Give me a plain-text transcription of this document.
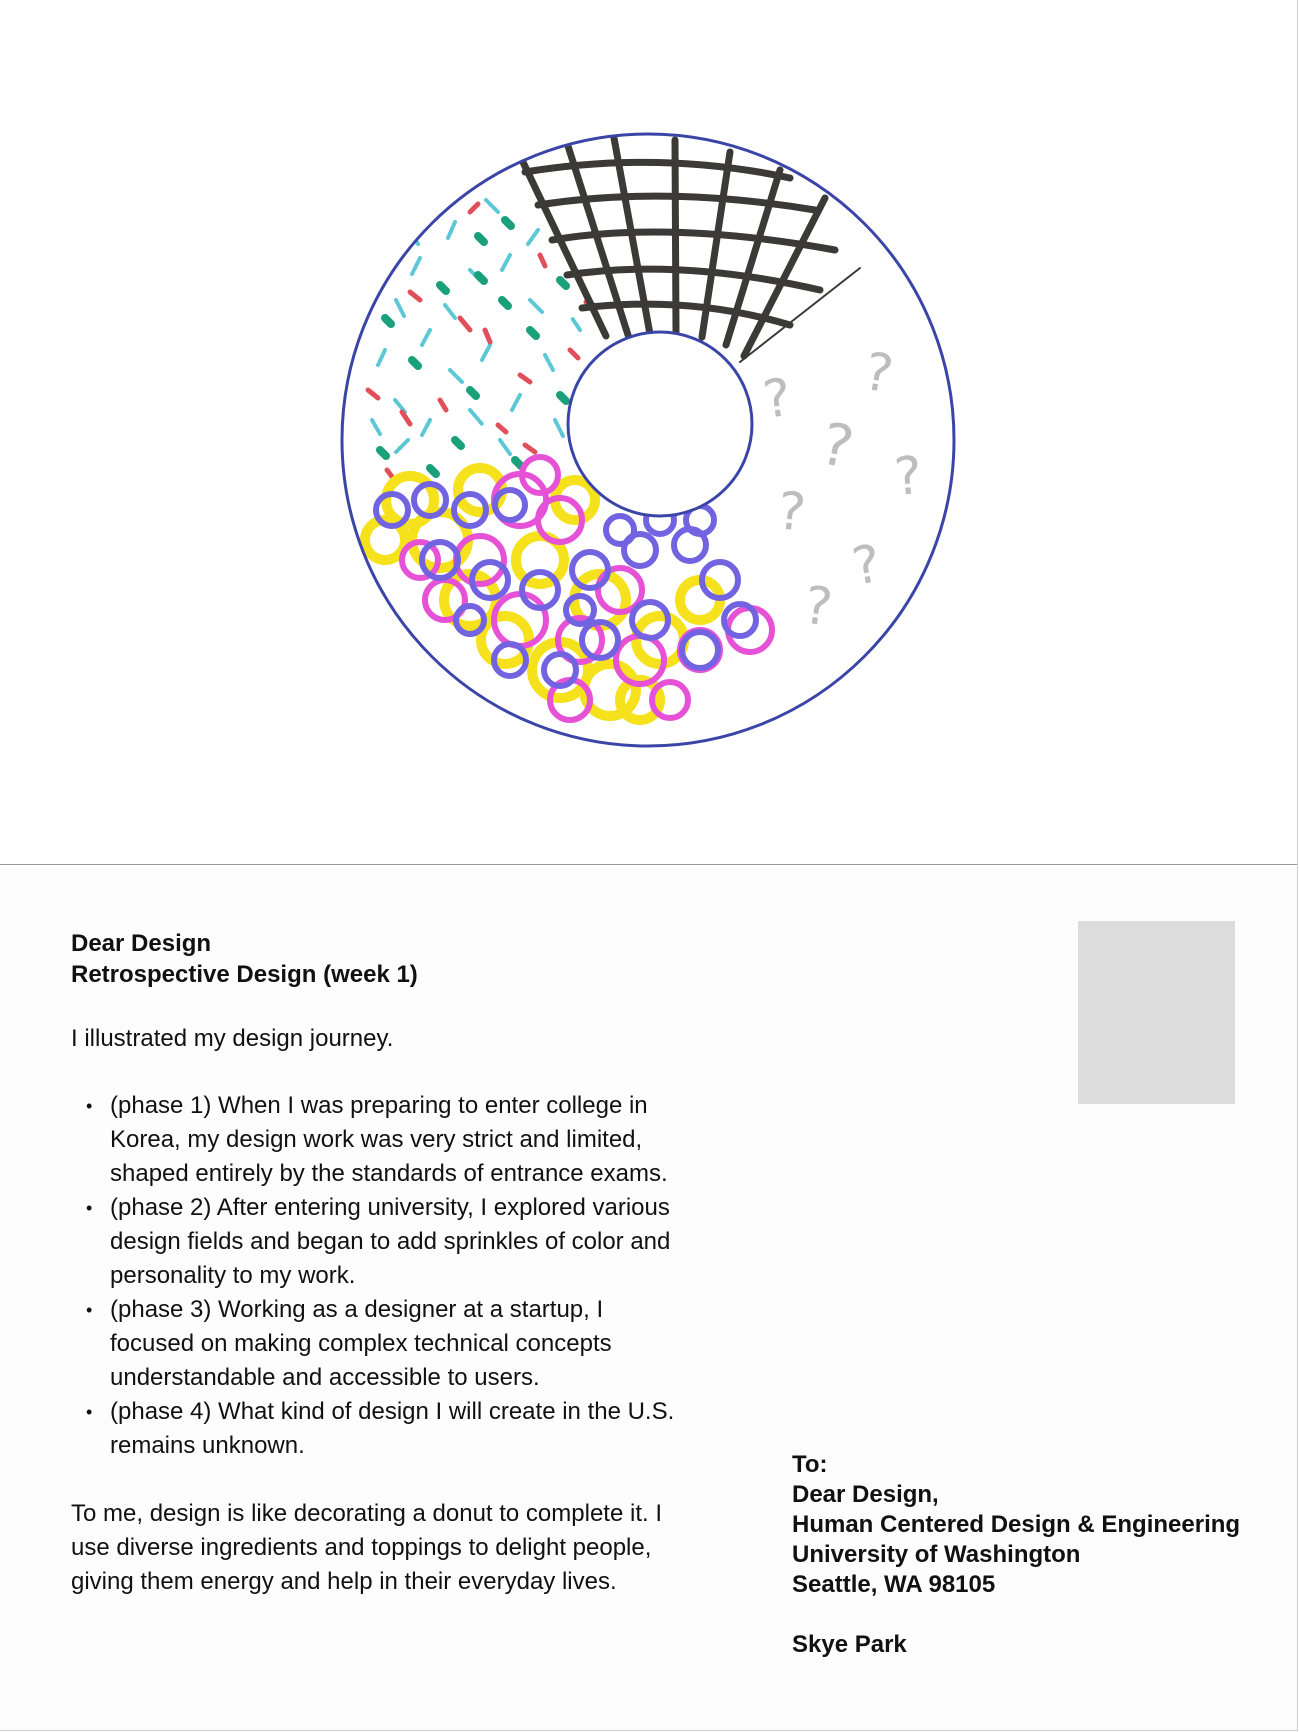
?
?
? ?
?
?
?

Dear Design
Retrospective Design (week 1)

I illustrated my design journey.

• (phase 1) When I was preparing to enter college in Korea, my design work was very strict and limited, shaped entirely by the standards of entrance exams.
• (phase 2) After entering university, I explored various design fields and began to add sprinkles of color and personality to my work.
• (phase 3) Working as a designer at a startup, I focused on making complex technical concepts understandable and accessible to users.
• (phase 4) What kind of design I will create in the U.S. remains unknown.

To me, design is like decorating a donut to complete it. I use diverse ingredients and toppings to delight people, giving them energy and help in their everyday lives.

To:
Dear Design,
Human Centered Design & Engineering
University of Washington
Seattle, WA 98105
Skye Park
